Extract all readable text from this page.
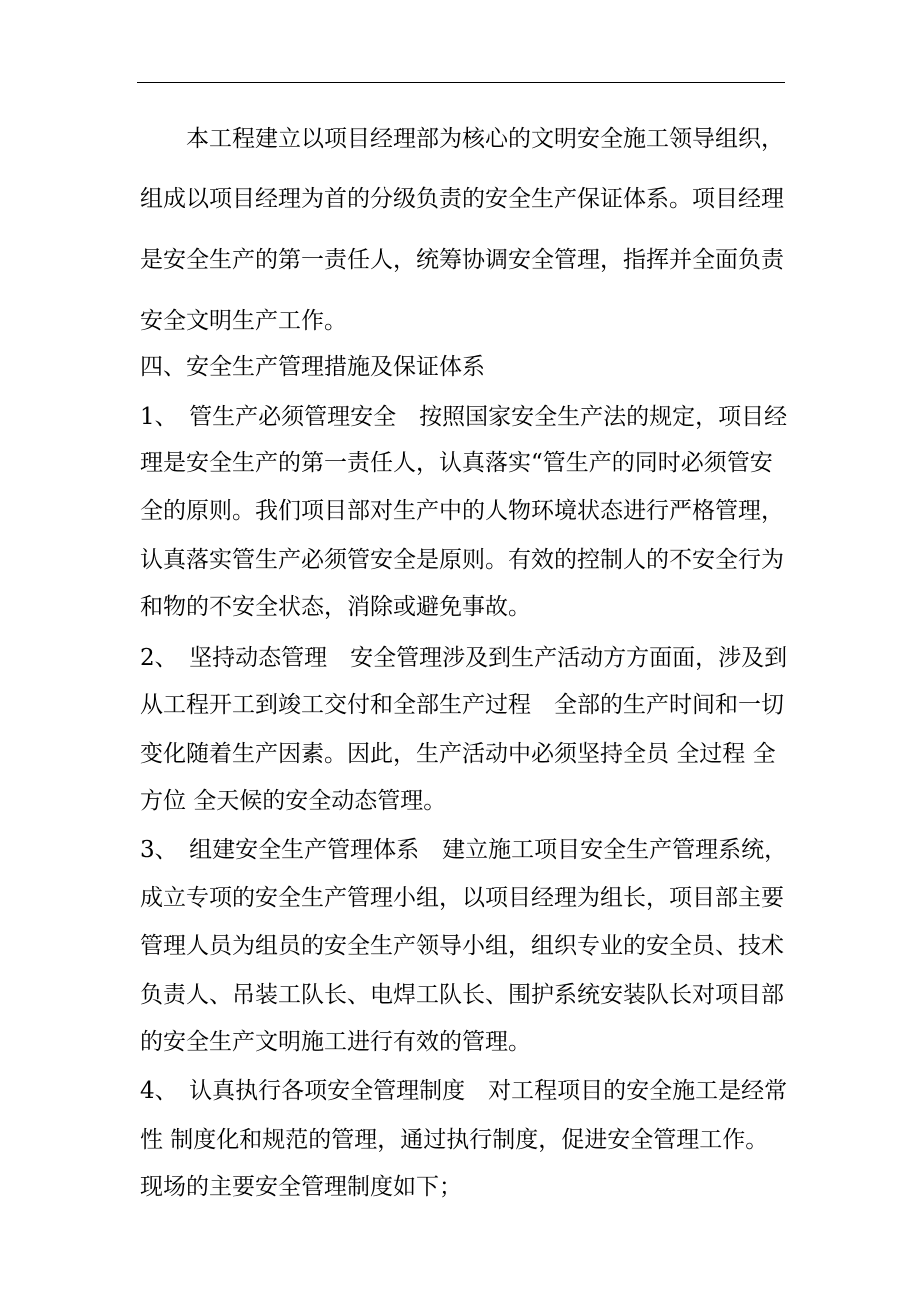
　　本工程建立以项目经理部为核心的文明安全施工领导组织，
组成以项目经理为首的分级负责的安全生产保证体系。项目经理
是安全生产的第一责任人，统筹协调安全管理，指挥并全面负责
安全文明生产工作。
四、安全生产管理措施及保证体系
1、　管生产必须管理安全　按照国家安全生产法的规定，项目经
理是安全生产的第一责任人，认真落实“管生产的同时必须管安
全的原则。我们项目部对生产中的人物环境状态进行严格管理，
认真落实管生产必须管安全是原则。有效的控制人的不安全行为
和物的不安全状态，消除或避免事故。
2、　坚持动态管理　安全管理涉及到生产活动方方面面，涉及到
从工程开工到竣工交付和全部生产过程　全部的生产时间和一切
变化随着生产因素。因此，生产活动中必须坚持全员 全过程 全
方位 全天候的安全动态管理。
3、　组建安全生产管理体系　建立施工项目安全生产管理系统，
成立专项的安全生产管理小组，以项目经理为组长，项目部主要
管理人员为组员的安全生产领导小组，组织专业的安全员、技术
负责人、吊装工队长、电焊工队长、围护系统安装队长对项目部
的安全生产文明施工进行有效的管理。
4、　认真执行各项安全管理制度　对工程项目的安全施工是经常
性 制度化和规范的管理，通过执行制度，促进安全管理工作。
现场的主要安全管理制度如下；
